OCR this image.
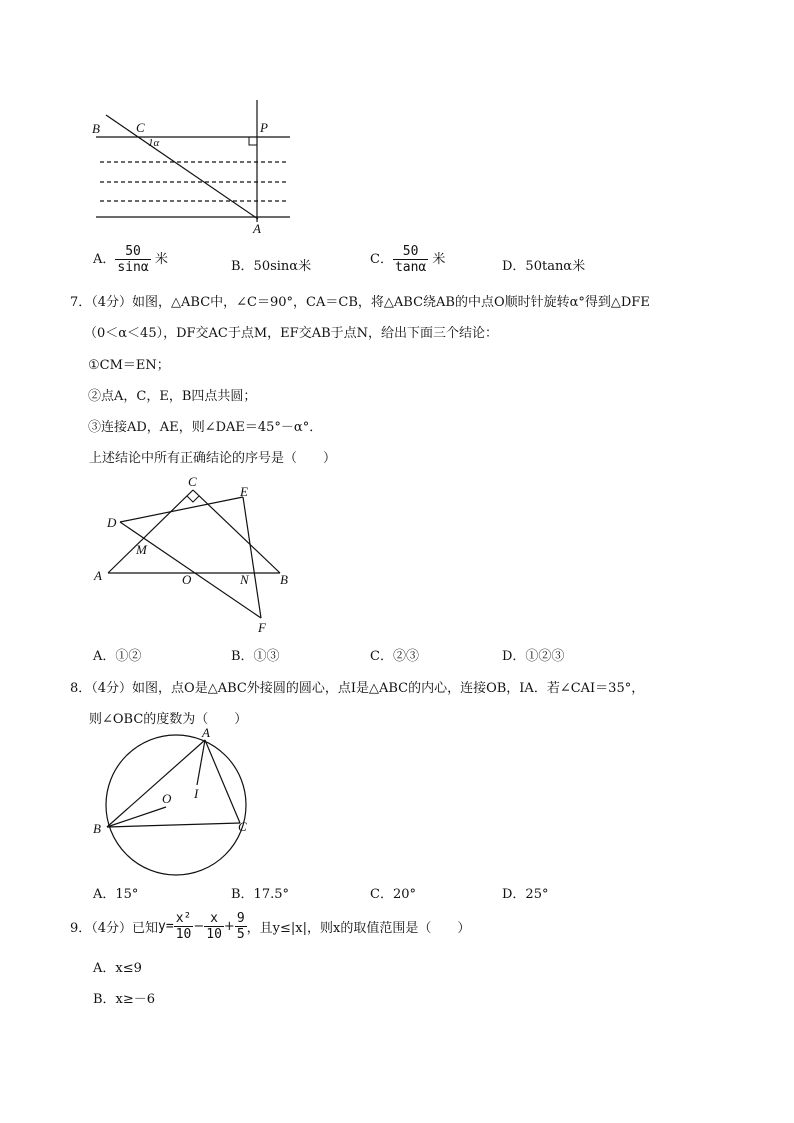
B	C
1α
P
A
A． $\frac{50}{\sin\alpha}$ 米	B．50sinα米	C． $\frac{50}{\tan\alpha}$ 米	D．50tanα米
7．（4分）如图，△ABC中，∠C＝90°，CA＝CB，将△ABC绕AB的中点O顺时针旋转α°得到△DFE
（0＜α＜45），DF交AC于点M，EF交AB于点N，给出下面三个结论：
①CM＝EN；
②点A，C，E，B四点共圆；
③连接AD，AE，则∠DAE＝45°－α°．
上述结论中所有正确结论的序号是（　　）
C
E
D
M
A	O	N B
F
A．①②	B．①③	C．②③	D．①②③
8．（4分）如图，点O是△ABC外接圆的圆心，点I是△ABC的内心，连接OB，IA．若∠CAI＝35°，
则∠OBC的度数为（　　）
A
O I
B	C
A．15°	B．17.5°	C．20°	D．25°
9．（4分）已知$y= \frac{\text{x²}}{10} - \frac{x}{10} + \frac{9}{5}$ ，且y≤|x|，则x的取值范围是（　　）
A．x≤9
B．x≥－6
